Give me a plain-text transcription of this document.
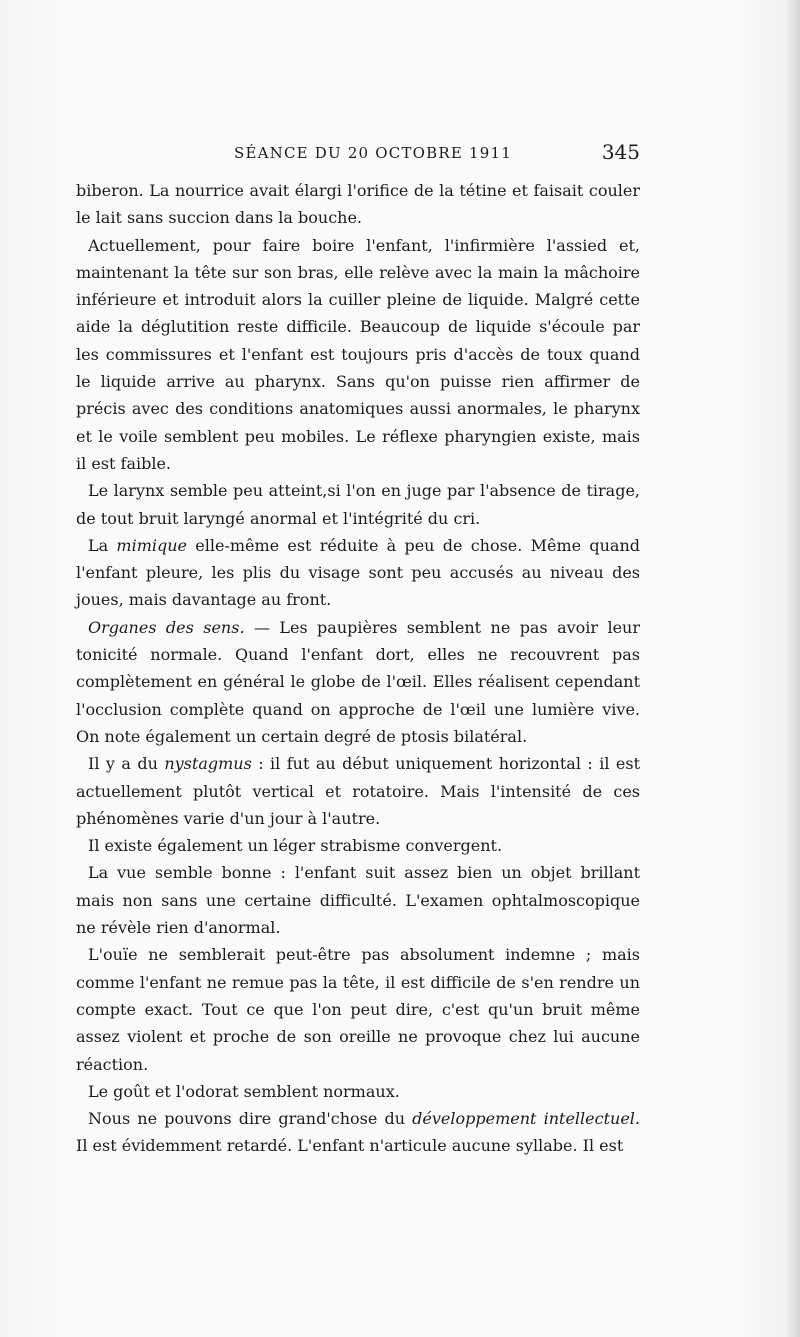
SÉANCE DU 20 OCTOBRE 1911	345

biberon. La nourrice avait élargi l'orifice de la tétine et faisait couler le lait sans succion dans la bouche.

Actuellement, pour faire boire l'enfant, l'infirmière l'assied et, maintenant la tête sur son bras, elle relève avec la main la mâchoire inférieure et introduit alors la cuiller pleine de liquide. Malgré cette aide la déglutition reste difficile. Beaucoup de liquide s'écoule par les commissures et l'enfant est toujours pris d'accès de toux quand le liquide arrive au pharynx. Sans qu'on puisse rien affirmer de précis avec des conditions anatomiques aussi anormales, le pharynx et le voile semblent peu mobiles. Le réflexe pharyngien existe, mais il est faible.

Le larynx semble peu atteint,si l'on en juge par l'absence de tirage, de tout bruit laryngé anormal et l'intégrité du cri.

La mimique elle-même est réduite à peu de chose. Même quand l'enfant pleure, les plis du visage sont peu accusés au niveau des joues, mais davantage au front.

Organes des sens. — Les paupières semblent ne pas avoir leur tonicité normale. Quand l'enfant dort, elles ne recouvrent pas complètement en général le globe de l'œil. Elles réalisent cependant l'occlusion complète quand on approche de l'œil une lumière vive. On note également un certain degré de ptosis bilatéral.

Il y a du nystagmus : il fut au début uniquement horizontal : il est actuellement plutôt vertical et rotatoire. Mais l'intensité de ces phénomènes varie d'un jour à l'autre.

Il existe également un léger strabisme convergent.

La vue semble bonne : l'enfant suit assez bien un objet brillant mais non sans une certaine difficulté. L'examen ophtalmoscopique ne révèle rien d'anormal.

L'ouïe ne semblerait peut-être pas absolument indemne ; mais comme l'enfant ne remue pas la tête, il est difficile de s'en rendre un compte exact. Tout ce que l'on peut dire, c'est qu'un bruit même assez violent et proche de son oreille ne provoque chez lui aucune réaction.

Le goût et l'odorat semblent normaux.

Nous ne pouvons dire grand'chose du développement intellectuel. Il est évidemment retardé. L'enfant n'articule aucune syllabe. Il est
